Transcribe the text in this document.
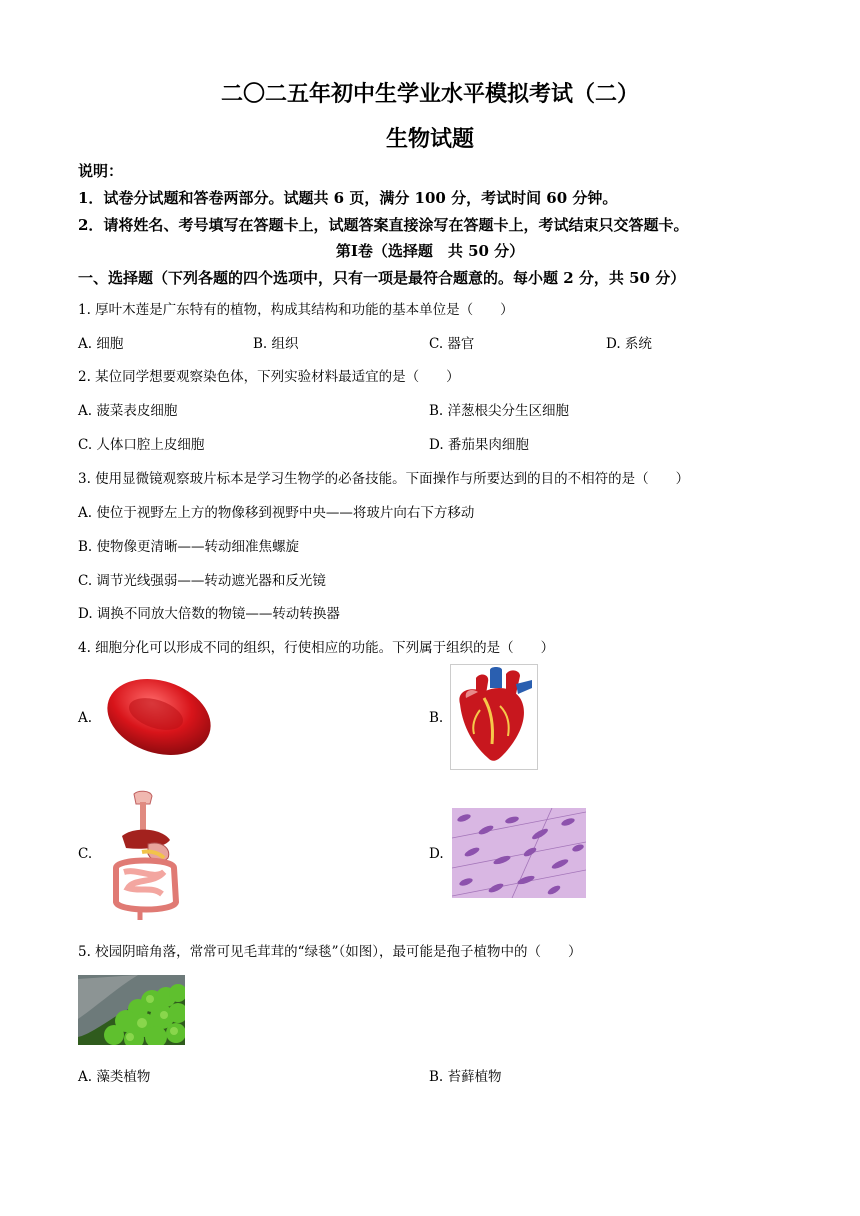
二〇二五年初中生学业水平模拟考试（二）
生物试题
说明：
1．试卷分试题和答卷两部分。试题共 6 页，满分 100 分，考试时间 60 分钟。
2．请将姓名、考号填写在答题卡上，试题答案直接涂写在答题卡上，考试结束只交答题卡。
第Ⅰ卷（选择题　共 50 分）
一、选择题（下列各题的四个选项中，只有一项是最符合题意的。每小题 2 分，共 50 分）
1. 厚叶木莲是广东特有的植物，构成其结构和功能的基本单位是（　　）
A. 细胞	B. 组织	C. 器官	D. 系统
2. 某位同学想要观察染色体，下列实验材料最适宜的是（　　）
A. 菠菜表皮细胞	B. 洋葱根尖分生区细胞
C. 人体口腔上皮细胞	D. 番茄果肉细胞
3. 使用显微镜观察玻片标本是学习生物学的必备技能。下面操作与所要达到的目的不相符的是（　　）
A. 使位于视野左上方的物像移到视野中央——将玻片向右下方移动
B. 使物像更清晰——转动细准焦螺旋
C. 调节光线强弱——转动遮光器和反光镜
D. 调换不同放大倍数的物镜——转动转换器
4. 细胞分化可以形成不同的组织，行使相应的功能。下列属于组织的是（　　）
A.	B.
C.	D.
5. 校园阴暗角落，常常可见毛茸茸的“绿毯”（如图），最可能是孢子植物中的（　　）
A. 藻类植物	B. 苔藓植物
